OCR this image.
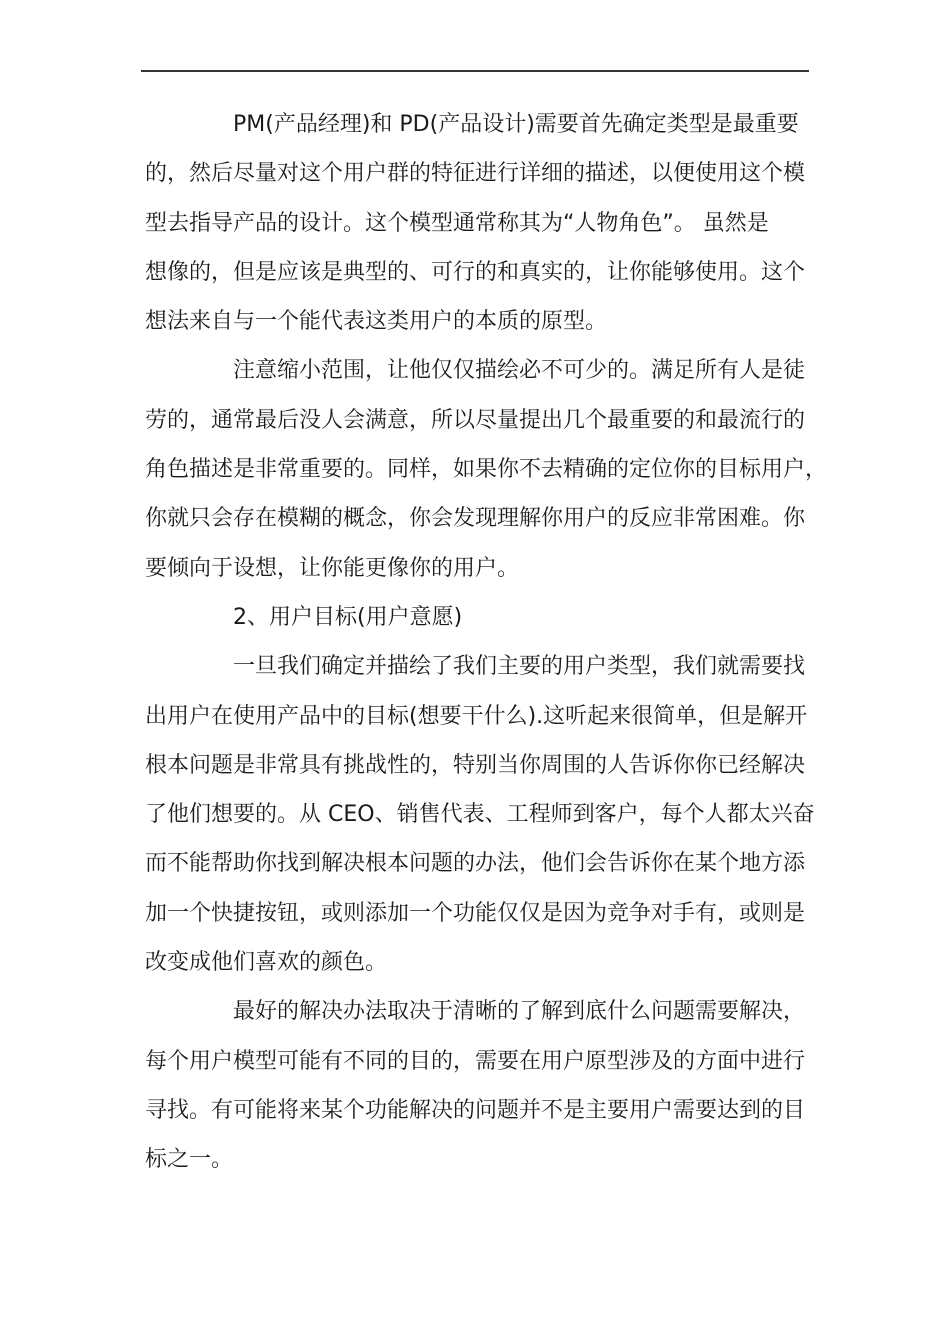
PM(产品经理)和 PD(产品设计)需要首先确定类型是最重要
的，然后尽量对这个用户群的特征进行详细的描述，以便使用这个模
型去指导产品的设计。这个模型通常称其为“人物角色”。 虽然是
想像的，但是应该是典型的、可行的和真实的，让你能够使用。这个
想法来自与一个能代表这类用户的本质的原型。
注意缩小范围，让他仅仅描绘必不可少的。满足所有人是徒
劳的，通常最后没人会满意，所以尽量提出几个最重要的和最流行的
角色描述是非常重要的。同样，如果你不去精确的定位你的目标用户，
你就只会存在模糊的概念，你会发现理解你用户的反应非常困难。你
要倾向于设想，让你能更像你的用户。
2、用户目标(用户意愿)
一旦我们确定并描绘了我们主要的用户类型，我们就需要找
出用户在使用产品中的目标(想要干什么).这听起来很简单，但是解开
根本问题是非常具有挑战性的，特别当你周围的人告诉你你已经解决
了他们想要的。从 CEO、销售代表、工程师到客户，每个人都太兴奋
而不能帮助你找到解决根本问题的办法，他们会告诉你在某个地方添
加一个快捷按钮，或则添加一个功能仅仅是因为竞争对手有，或则是
改变成他们喜欢的颜色。
最好的解决办法取决于清晰的了解到底什么问题需要解决，
每个用户模型可能有不同的目的，需要在用户原型涉及的方面中进行
寻找。有可能将来某个功能解决的问题并不是主要用户需要达到的目
标之一。
